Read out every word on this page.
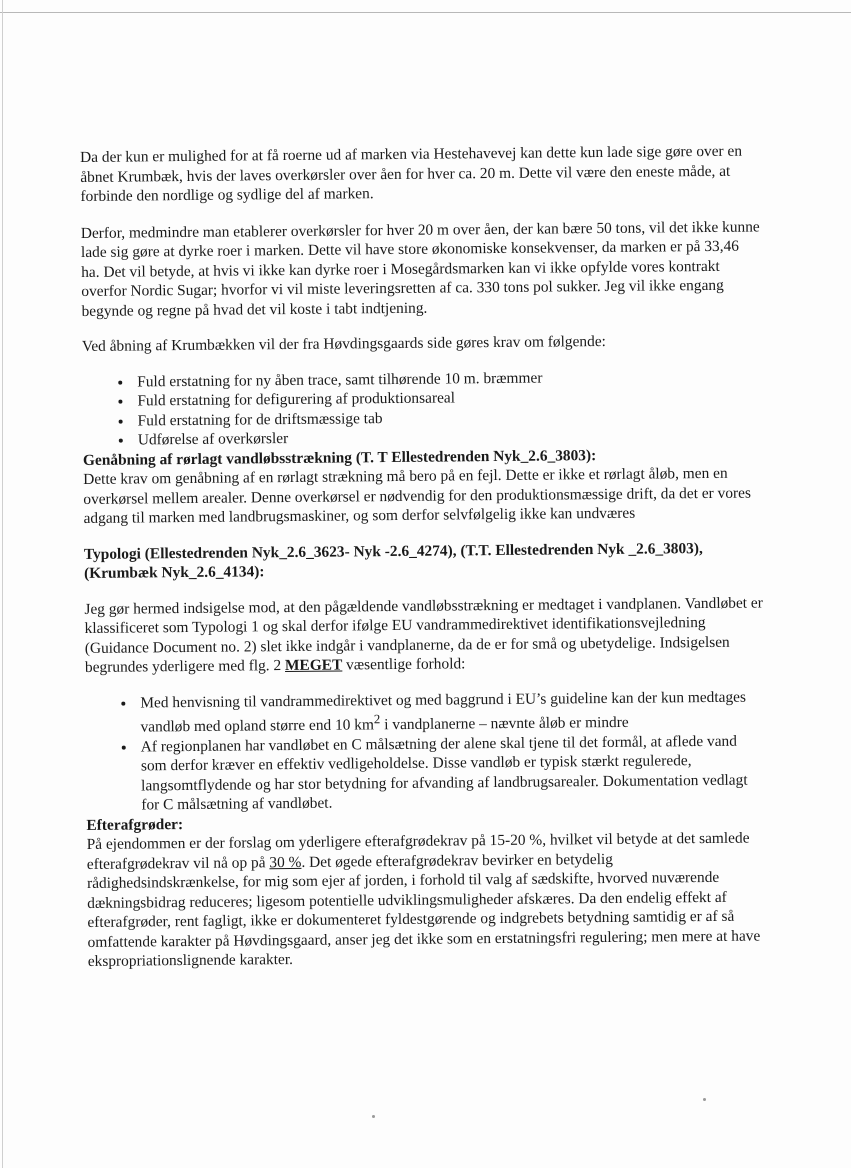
Da der kun er mulighed for at få roerne ud af marken via Hestehavevej kan dette kun lade sige gøre over en åbnet Krumbæk, hvis der laves overkørsler over åen for hver ca. 20 m. Dette vil være den eneste måde, at forbinde den nordlige og sydlige del af marken.

Derfor, medmindre man etablerer overkørsler for hver 20 m over åen, der kan bære 50 tons, vil det ikke kunne lade sig gøre at dyrke roer i marken. Dette vil have store økonomiske konsekvenser, da marken er på 33,46 ha. Det vil betyde, at hvis vi ikke kan dyrke roer i Mosegårdsmarken kan vi ikke opfylde vores kontrakt overfor Nordic Sugar; hvorfor vi vil miste leveringsretten af ca. 330 tons pol sukker. Jeg vil ikke engang begynde og regne på hvad det vil koste i tabt indtjening.

Ved åbning af Krumbækken vil der fra Høvdingsgaards side gøres krav om følgende:

• Fuld erstatning for ny åben trace, samt tilhørende 10 m. bræmmer
• Fuld erstatning for defigurering af produktionsareal
• Fuld erstatning for de driftsmæssige tab
• Udførelse af overkørsler

Genåbning af rørlagt vandløbsstrækning (T. T Ellestedrenden Nyk_2.6_3803):

Dette krav om genåbning af en rørlagt strækning må bero på en fejl. Dette er ikke et rørlagt åløb, men en overkørsel mellem arealer. Denne overkørsel er nødvendig for den produktionsmæssige drift, da det er vores adgang til marken med landbrugsmaskiner, og som derfor selvfølgelig ikke kan undværes

Typologi (Ellestedrenden Nyk_2.6_3623- Nyk -2.6_4274), (T.T. Ellestedrenden Nyk _2.6_3803), (Krumbæk Nyk_2.6_4134):

Jeg gør hermed indsigelse mod, at den pågældende vandløbsstrækning er medtaget i vandplanen. Vandløbet er klassificeret som Typologi 1 og skal derfor ifølge EU vandrammedirektivet identifikationsvejledning (Guidance Document no. 2) slet ikke indgår i vandplanerne, da de er for små og ubetydelige. Indsigelsen begrundes yderligere med flg. 2 MEGET væsentlige forhold:

• Med henvisning til vandrammedirektivet og med baggrund i EU’s guideline kan der kun medtages vandløb med opland større end 10 $km^2$ i vandplanerne – nævnte åløb er mindre
• Af regionplanen har vandløbet en C målsætning der alene skal tjene til det formål, at aflede vand som derfor kræver en effektiv vedligeholdelse. Disse vandløb er typisk stærkt regulerede, langsomtflydende og har stor betydning for afvanding af landbrugsarealer. Dokumentation vedlagt for C målsætning af vandløbet.

Efterafgrøder:

På ejendommen er der forslag om yderligere efterafgrødekrav på 15-20 %, hvilket vil betyde at det samlede efterafgrødekrav vil nå op på 30 %. Det øgede efterafgrødekrav bevirker en betydelig rådighedsindskrænkelse, for mig som ejer af jorden, i forhold til valg af sædskifte, hvorved nuværende dækningsbidrag reduceres; ligesom potentielle udviklingsmuligheder afskæres. Da den endelig effekt af efterafgrøder, rent fagligt, ikke er dokumenteret fyldestgørende og indgrebets betydning samtidig er af så omfattende karakter på Høvdingsgaard, anser jeg det ikke som en erstatningsfri regulering; men mere at have ekspropriationslignende karakter.
